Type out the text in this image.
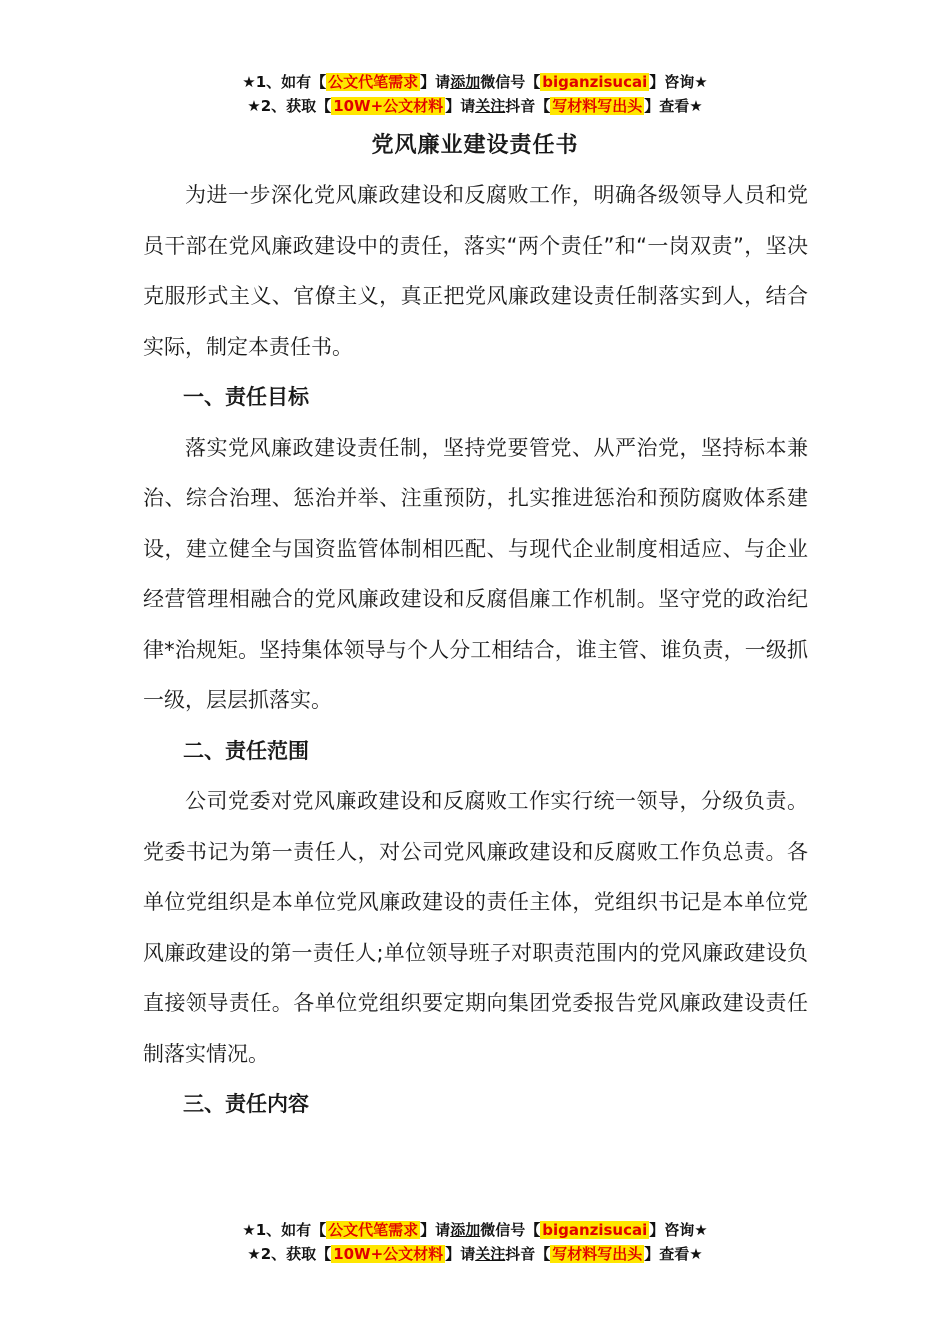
★1、如有【 公文代笔需求 】请添加微信号【 biganzisucai 】咨询★
★2、获取【 10W+公文材料 】请关注抖音【 写材料写出头 】查看★
党风廉业建设责任书

为进一步深化党风廉政建设和反腐败工作，明确各级领导人员和党员干部在党风廉政建设中的责任，落实“两个责任”和“一岗双责”，坚决克服形式主义、官僚主义，真正把党风廉政建设责任制落实到人，结合实际，制定本责任书。

一、责任目标

落实党风廉政建设责任制，坚持党要管党、从严治党，坚持标本兼治、综合治理、惩治并举、注重预防，扎实推进惩治和预防腐败体系建设，建立健全与国资监管体制相匹配、与现代企业制度相适应、与企业经营管理相融合的党风廉政建设和反腐倡廉工作机制。坚守党的政治纪律*治规矩。坚持集体领导与个人分工相结合，谁主管、谁负责，一级抓一级，层层抓落实。

二、责任范围

公司党委对党风廉政建设和反腐败工作实行统一领导，分级负责。党委书记为第一责任人，对公司党风廉政建设和反腐败工作负总责。各单位党组织是本单位党风廉政建设的责任主体，党组织书记是本单位党风廉政建设的第一责任人;单位领导班子对职责范围内的党风廉政建设负直接领导责任。各单位党组织要定期向集团党委报告党风廉政建设责任制落实情况。

三、责任内容
★1、如有【 公文代笔需求 】请添加微信号【 biganzisucai 】咨询★
★2、获取【 10W+公文材料 】请关注抖音【 写材料写出头 】查看★
